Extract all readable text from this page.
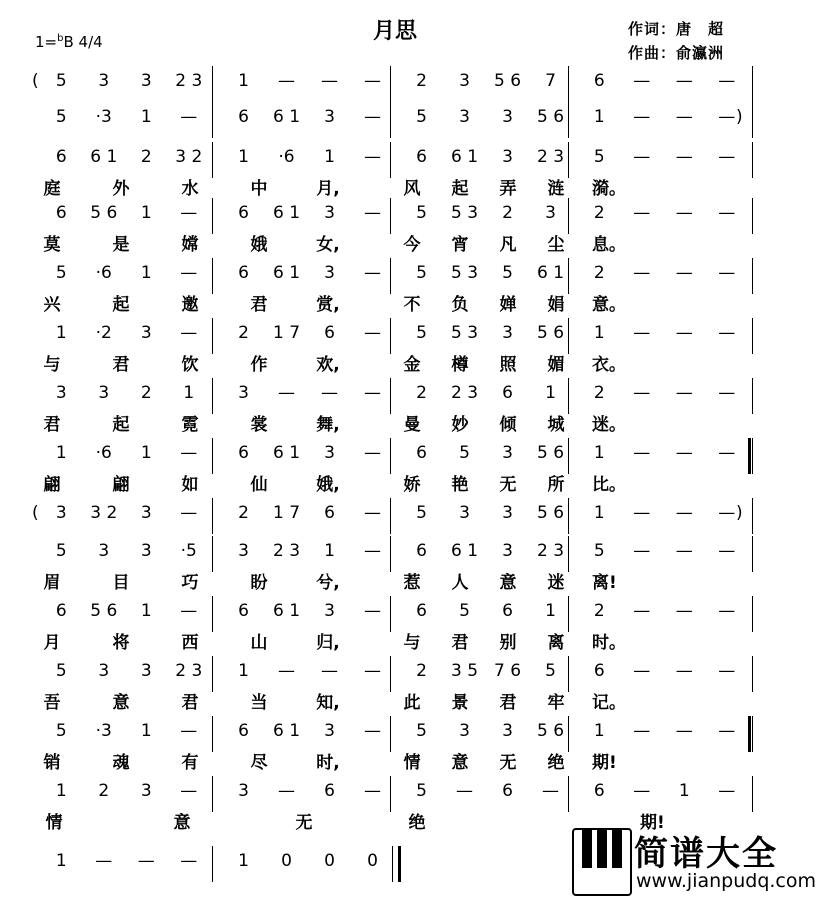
月思
1=$^b$B 4/4
作词：唐　超
作曲：俞瀛洲
(	5	3	3	2 3	1	— — —	2	3	5 6	7	6	— — —
5	·3	1	—	6	6 1	3	—	5	3	3	5 6	1	— — — )
6	6 1	2	3 2	1	·6	1	—	6	6 1	3	2 3	5	— — —
庭	外	水	中	月,	风 起 弄 涟 漪。
6	5 6	1	—	6	6 1	3	—	5	5 3	2	3	2	— — —
莫	是	嫦	娥	女,	今 宵 凡 尘 息。
5	·6	1	—	6	6 1	3	—	5	5 3	5	6 1	2	— — —
兴	起	邀	君	赏,	不 负 婵 娟 意。
1	·2	3	—	2	1 7	6	—	5	5 3	3	5 6	1	— — —
与	君	饮	作	欢,	金 樽 照 媚 衣。
3	3	2	1	3	— — —	2	2 3	6	1	2	— — —
君	起	霓	裳	舞,	曼 妙 倾 城 迷。
1	·6	1	—	6	6 1	3	—	6	5	3	5 6	1	— — —
翩	翩	如	仙	娥,	娇 艳 无 所 比。
(	3	3 2	3	—	2	1 7	6	—	5	3	3	5 6	1	— — — )
5	3	3	·5	3	2 3	1	—	6	6 1	3	2 3	5	— — —
眉	目	巧	盼	兮,	惹 人 意 迷 离!
6	5 6	1	—	6	6 1	3	—	6	5	6	1	2	— — —
月	将	西	山	归,	与 君 别 离 时。
5	3	3	2 3	1	— — —	2	3 5 7 6	5	6	— — —
吾	意	君	当	知,	此 景 君 牢 记。
5	·3	1	—	6	6 1	3	—	5	3	3	5 6	1	— — —
销	魂	有	尽	时,	情 意 无 绝 期!
1	2	3	—	3	—	6	—	5	—	6	—	6	—	1	—
情	意	无	绝	期!
1	— — —	1	0	0	0	简谱大全
www.jianpudq.com
